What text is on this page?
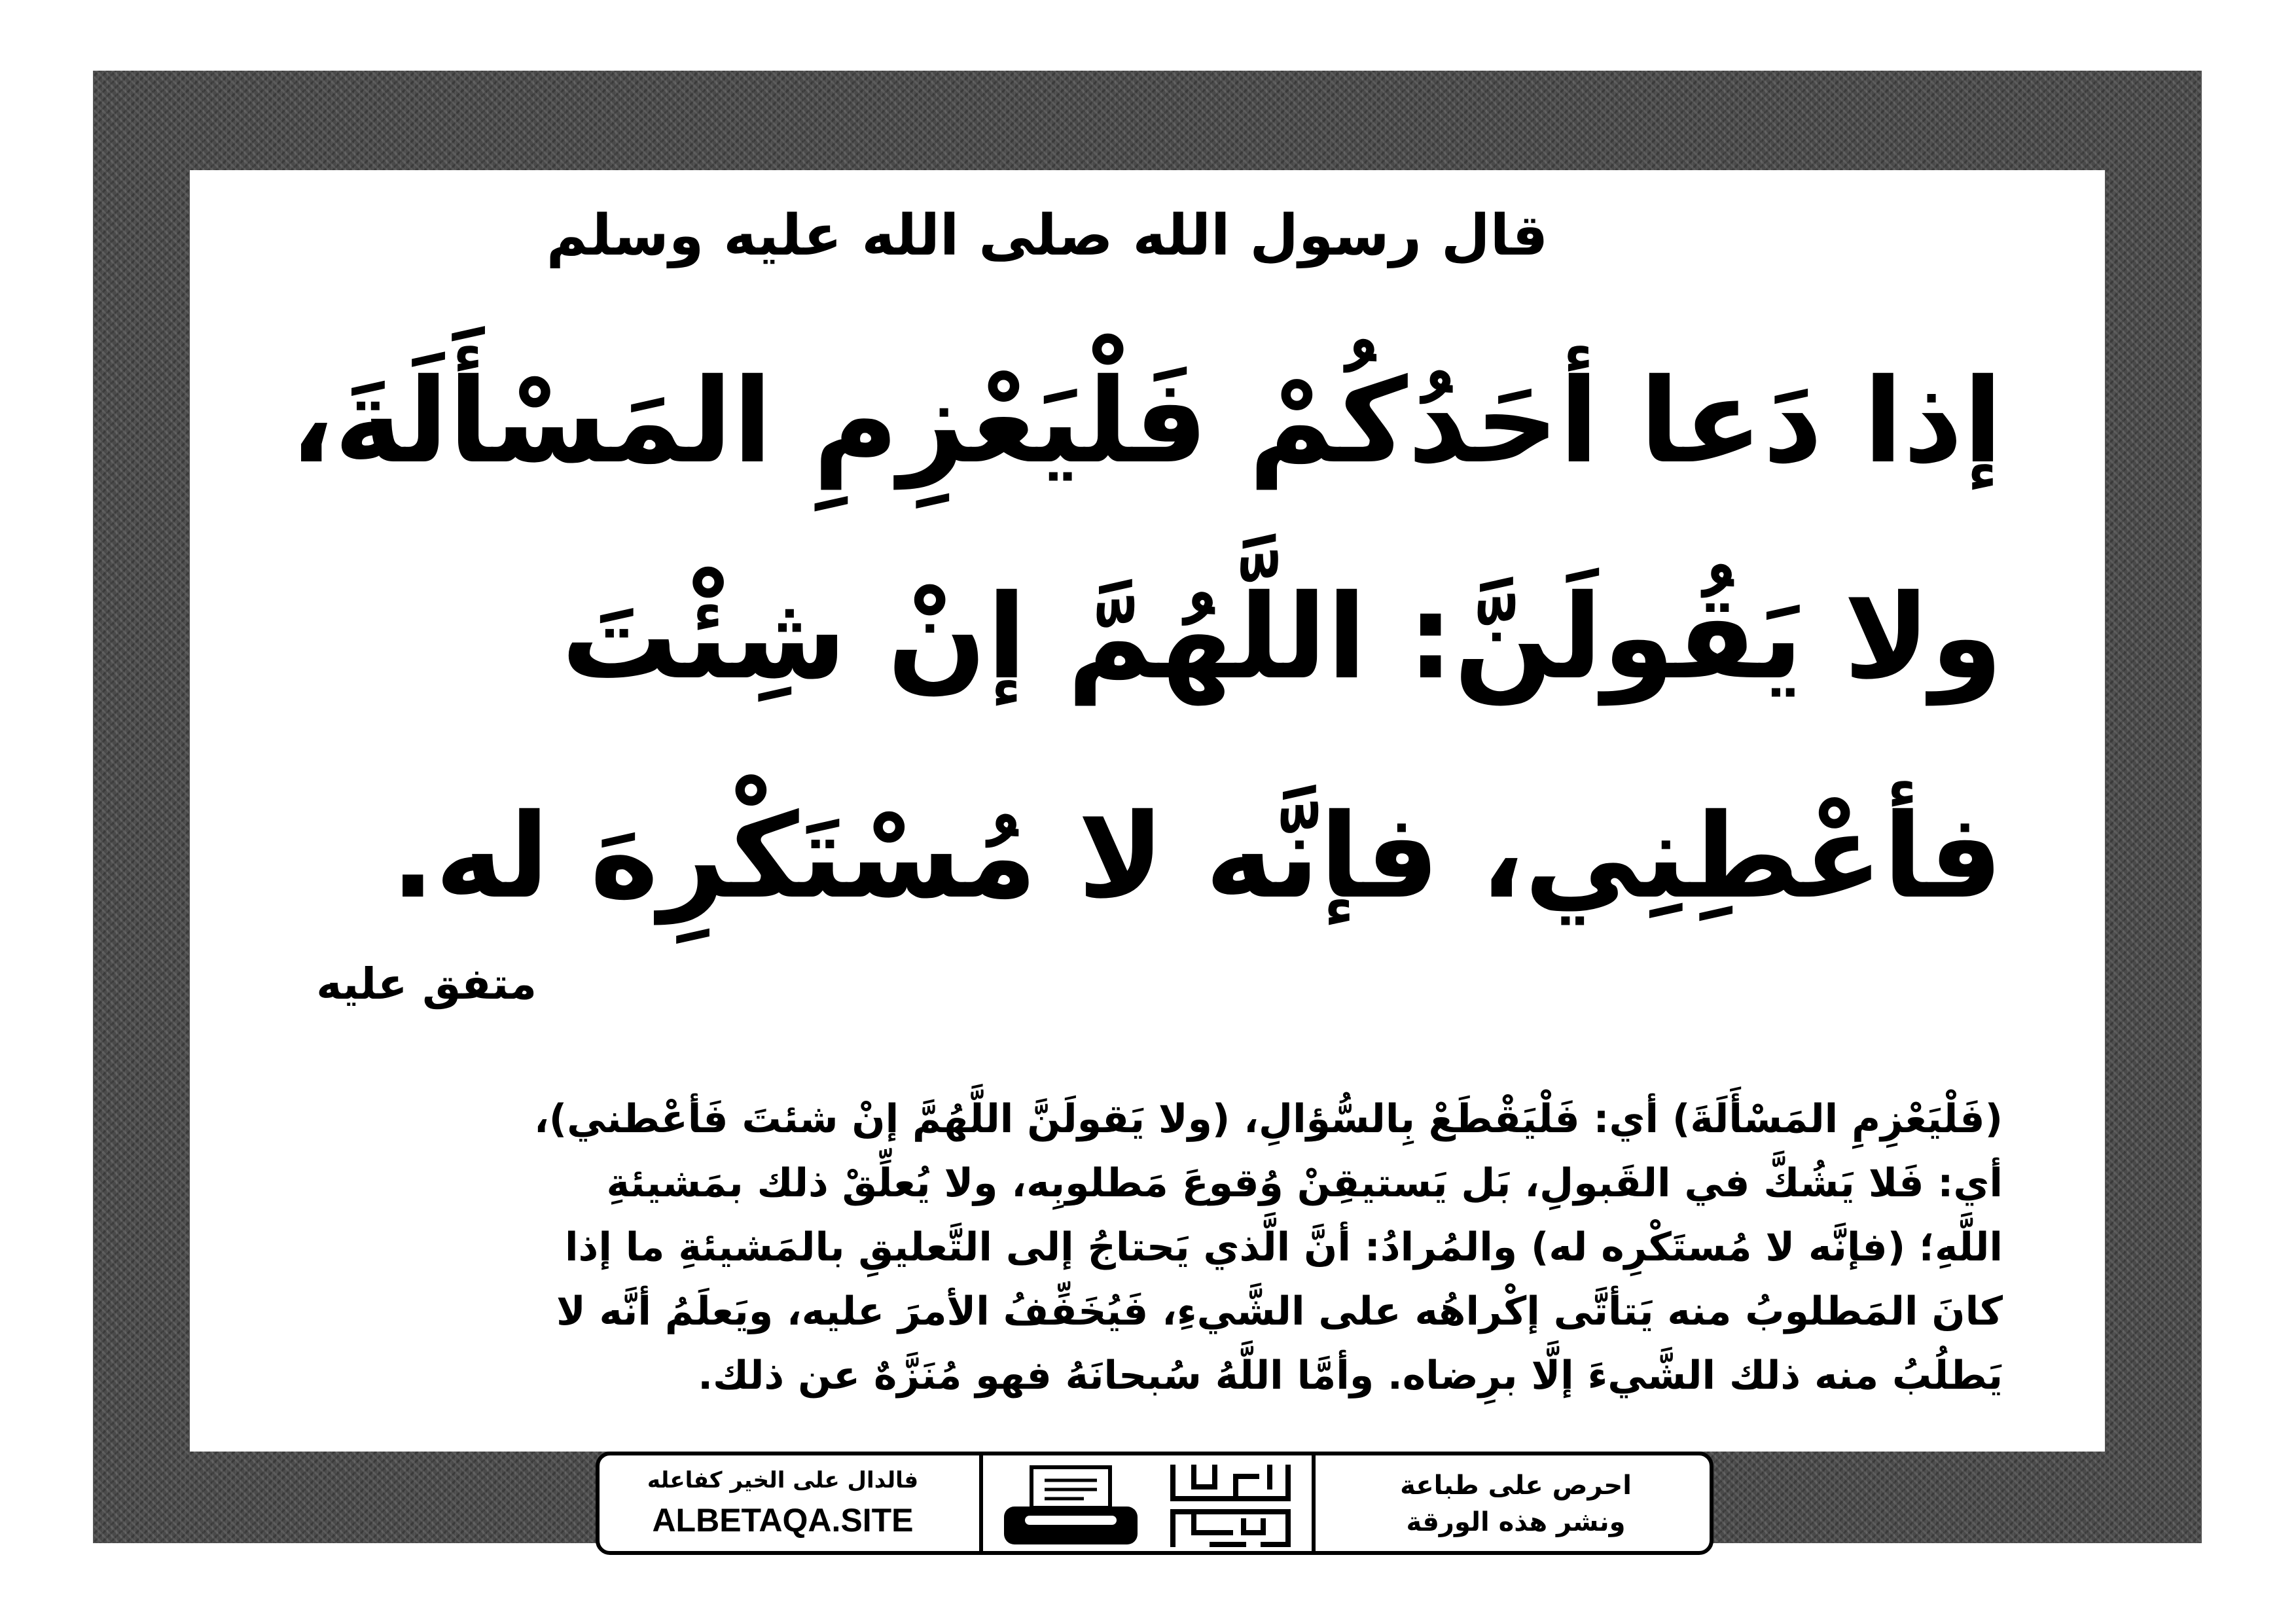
قال رسول الله صلى الله عليه وسلم
إذا دَعا أحَدُكُمْ فَلْيَعْزِمِ المَسْأَلَةَ،
ولا يَقُولَنَّ: اللَّهُمَّ إنْ شِئْتَ
فأعْطِنِي، فإنَّه لا مُسْتَكْرِهَ له.
متفق عليه
(فَلْيَعْزِمِ المَسْأَلَةَ) أي: فَلْيَقْطَعْ بِالسُّؤالِ، (ولا يَقولَنَّ اللَّهُمَّ إنْ شئتَ فَأعْطني)،
أي: فَلا يَشُكَّ في القَبولِ، بَل يَستيقِنْ وُقوعَ مَطلوبِه، ولا يُعلِّقْ ذلك بمَشيئةِ
اللَّهِ؛ (فإنَّه لا مُستَكْرِه له) والمُرادُ: أنَّ الَّذي يَحتاجُ إلى التَّعليقِ بالمَشيئةِ ما إذا
كانَ المَطلوبُ منه يَتأتَّى إكْراهُه على الشَّيءِ، فَيُخَفِّفُ الأمرَ عليه، ويَعلَمُ أنَّه لا
يَطلُبُ منه ذلك الشَّيءَ إلَّا برِضاه. وأمَّا اللَّهُ سُبحانَهُ فهو مُنَزَّهٌ عن ذلك.
احرص على طباعة
ونشر هذه الورقة
دعوية
الورقة
فالدال على الخير كفاعله
ALBETAQA.SITE
